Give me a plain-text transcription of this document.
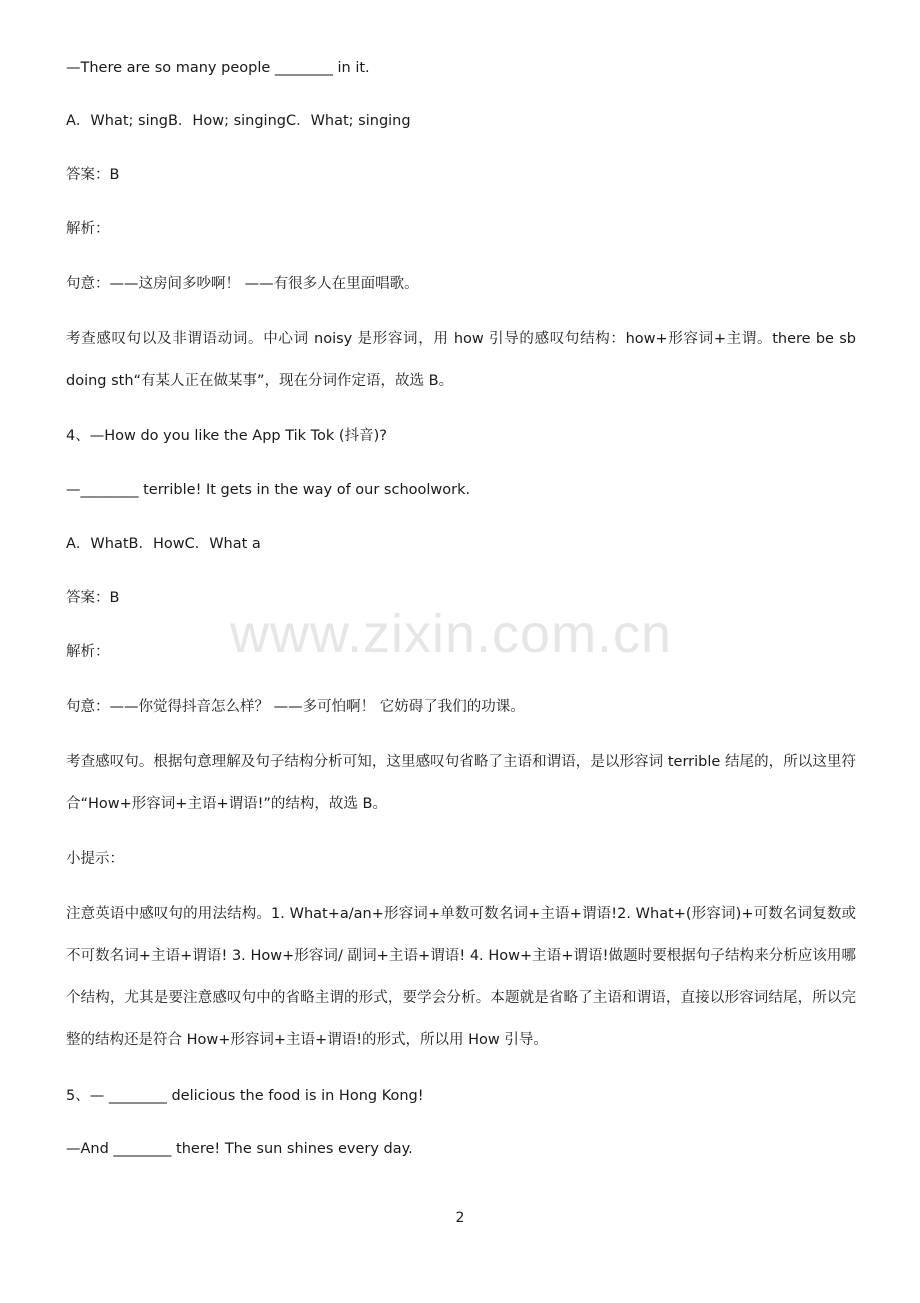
www.zixin.com.cn
—There are so many people ________ in it.
A．What; singB．How; singingC．What; singing
答案：B
解析：
句意：——这房间多吵啊！ ——有很多人在里面唱歌。
考查感叹句以及非谓语动词。中心词 noisy 是形容词，用 how 引导的感叹句结构：how+形容词+主谓。there be sb doing sth“有某人正在做某事”，现在分词作定语，故选 B。
4、—How do you like the App Tik Tok (抖音)?
—________ terrible! It gets in the way of our schoolwork.
A．WhatB．HowC．What a
答案：B
解析：
句意：——你觉得抖音怎么样？ ——多可怕啊！ 它妨碍了我们的功课。
考查感叹句。根据句意理解及句子结构分析可知，这里感叹句省略了主语和谓语，是以形容词 terrible 结尾的，所以这里符合“How+形容词+主语+谓语!”的结构，故选 B。
小提示：
注意英语中感叹句的用法结构。1. What+a/an+形容词+单数可数名词+主语+谓语!2. What+(形容词)+可数名词复数或不可数名词+主语+谓语! 3. How+形容词/ 副词+主语+谓语! 4. How+主语+谓语!做题时要根据句子结构来分析应该用哪个结构，尤其是要注意感叹句中的省略主谓的形式，要学会分析。本题就是省略了主语和谓语，直接以形容词结尾，所以完整的结构还是符合 How+形容词+主语+谓语!的形式，所以用 How 引导。
5、— ________ delicious the food is in Hong Kong!
—And ________ there! The sun shines every day.
2
